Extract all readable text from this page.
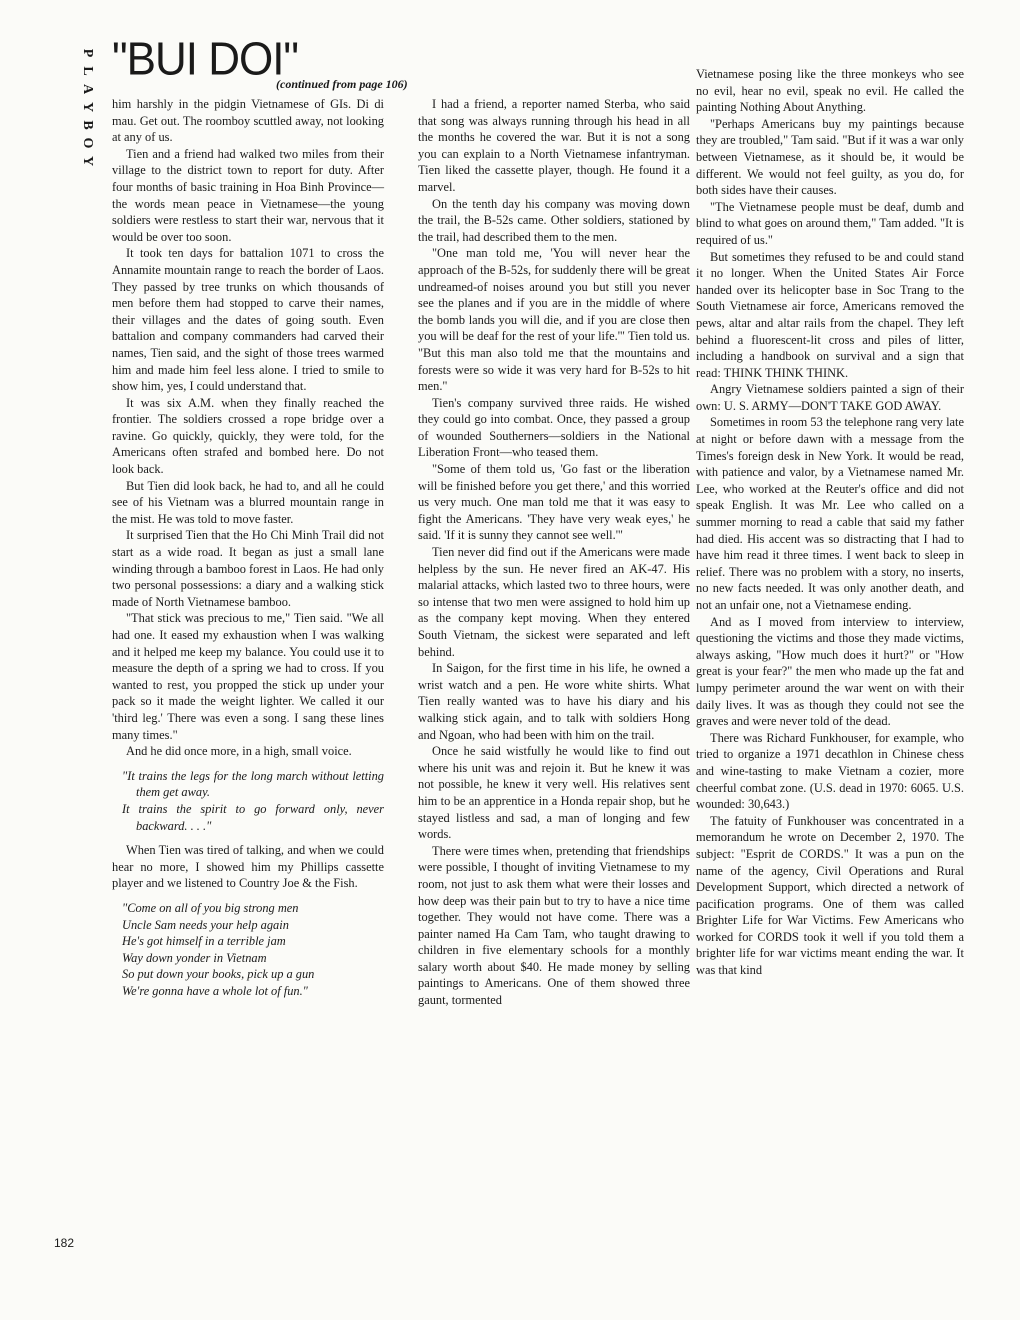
P
L
A
Y
B
O
Y
"BUI DOI"
(continued from page 106)

him harshly in the pidgin Vietnamese of GIs. Di di mau. Get out. The roomboy scuttled away, not looking at any of us.

Tien and a friend had walked two miles from their village to the district town to report for duty. After four months of basic training in Hoa Binh Province—the words mean peace in Vietnamese—the young soldiers were restless to start their war, nervous that it would be over too soon.

It took ten days for battalion 1071 to cross the Annamite mountain range to reach the border of Laos. They passed by tree trunks on which thousands of men before them had stopped to carve their names, their villages and the dates of going south. Even battalion and company commanders had carved their names, Tien said, and the sight of those trees warmed him and made him feel less alone. I tried to smile to show him, yes, I could understand that.

It was six A.M. when they finally reached the frontier. The soldiers crossed a rope bridge over a ravine. Go quickly, quickly, they were told, for the Americans often strafed and bombed here. Do not look back.

But Tien did look back, he had to, and all he could see of his Vietnam was a blurred mountain range in the mist. He was told to move faster.

It surprised Tien that the Ho Chi Minh Trail did not start as a wide road. It began as just a small lane winding through a bamboo forest in Laos. He had only two personal possessions: a diary and a walking stick made of North Vietnamese bamboo.

"That stick was precious to me," Tien said. "We all had one. It eased my exhaustion when I was walking and it helped me keep my balance. You could use it to measure the depth of a spring we had to cross. If you wanted to rest, you propped the stick up under your pack so it made the weight lighter. We called it our 'third leg.' There was even a song. I sang these lines many times."

And he did once more, in a high, small voice.

"It trains the legs for the long march without letting them get away.
It trains the spirit to go forward only, never backward. . . ."

When Tien was tired of talking, and when we could hear no more, I showed him my Phillips cassette player and we listened to Country Joe & the Fish.

"Come on all of you big strong men
Uncle Sam needs your help again
He's got himself in a terrible jam
Way down yonder in Vietnam
So put down your books, pick up a gun
We're gonna have a whole lot of fun."

I had a friend, a reporter named Sterba, who said that song was always running through his head in all the months he covered the war. But it is not a song you can explain to a North Vietnamese infantryman. Tien liked the cassette player, though. He found it a marvel.

On the tenth day his company was moving down the trail, the B-52s came. Other soldiers, stationed by the trail, had described them to the men.

"One man told me, 'You will never hear the approach of the B-52s, for suddenly there will be great undreamed-of noises around you but still you never see the planes and if you are in the middle of where the bomb lands you will die, and if you are close then you will be deaf for the rest of your life.'" Tien told us. "But this man also told me that the mountains and forests were so wide it was very hard for B-52s to hit men."

Tien's company survived three raids. He wished they could go into combat. Once, they passed a group of wounded Southerners—soldiers in the National Liberation Front—who teased them.

"Some of them told us, 'Go fast or the liberation will be finished before you get there,' and this worried us very much. One man told me that it was easy to fight the Americans. 'They have very weak eyes,' he said. 'If it is sunny they cannot see well.'"

Tien never did find out if the Americans were made helpless by the sun. He never fired an AK-47. His malarial attacks, which lasted two to three hours, were so intense that two men were assigned to hold him up as the company kept moving. When they entered South Vietnam, the sickest were separated and left behind.

In Saigon, for the first time in his life, he owned a wrist watch and a pen. He wore white shirts. What Tien really wanted was to have his diary and his walking stick again, and to talk with soldiers Hong and Ngoan, who had been with him on the trail.

Once he said wistfully he would like to find out where his unit was and rejoin it. But he knew it was not possible, he knew it very well. His relatives sent him to be an apprentice in a Honda repair shop, but he stayed listless and sad, a man of longing and few words.

There were times when, pretending that friendships were possible, I thought of inviting Vietnamese to my room, not just to ask them what were their losses and how deep was their pain but to try to have a nice time together. They would not have come. There was a painter named Ha Cam Tam, who taught drawing to children in five elementary schools for a monthly salary worth about $40. He made money by selling paintings to Americans. One of them showed three gaunt, tormented

Vietnamese posing like the three monkeys who see no evil, hear no evil, speak no evil. He called the painting Nothing About Anything.

"Perhaps Americans buy my paintings because they are troubled," Tam said. "But if it was a war only between Vietnamese, as it should be, it would be different. We would not feel guilty, as you do, for both sides have their causes.

"The Vietnamese people must be deaf, dumb and blind to what goes on around them," Tam added. "It is required of us."

But sometimes they refused to be and could stand it no longer. When the United States Air Force handed over its helicopter base in Soc Trang to the South Vietnamese air force, Americans removed the pews, altar and altar rails from the chapel. They left behind a fluorescent-lit cross and piles of litter, including a handbook on survival and a sign that read: THINK THINK THINK.

Angry Vietnamese soldiers painted a sign of their own: U. S. ARMY—DON'T TAKE GOD AWAY.

Sometimes in room 53 the telephone rang very late at night or before dawn with a message from the Times's foreign desk in New York. It would be read, with patience and valor, by a Vietnamese named Mr. Lee, who worked at the Reuter's office and did not speak English. It was Mr. Lee who called on a summer morning to read a cable that said my father had died. His accent was so distracting that I had to have him read it three times. I went back to sleep in relief. There was no problem with a story, no inserts, no new facts needed. It was only another death, and not an unfair one, not a Vietnamese ending.

And as I moved from interview to interview, questioning the victims and those they made victims, always asking, "How much does it hurt?" or "How great is your fear?" the men who made up the fat and lumpy perimeter around the war went on with their daily lives. It was as though they could not see the graves and were never told of the dead.

There was Richard Funkhouser, for example, who tried to organize a 1971 decathlon in Chinese chess and wine-tasting to make Vietnam a cozier, more cheerful combat zone. (U.S. dead in 1970: 6065. U.S. wounded: 30,643.)

The fatuity of Funkhouser was concentrated in a memorandum he wrote on December 2, 1970. The subject: "Esprit de CORDS." It was a pun on the name of the agency, Civil Operations and Rural Development Support, which directed a network of pacification programs. One of them was called Brighter Life for War Victims. Few Americans who worked for CORDS took it well if you told them a brighter life for war victims meant ending the war. It was that kind

182
